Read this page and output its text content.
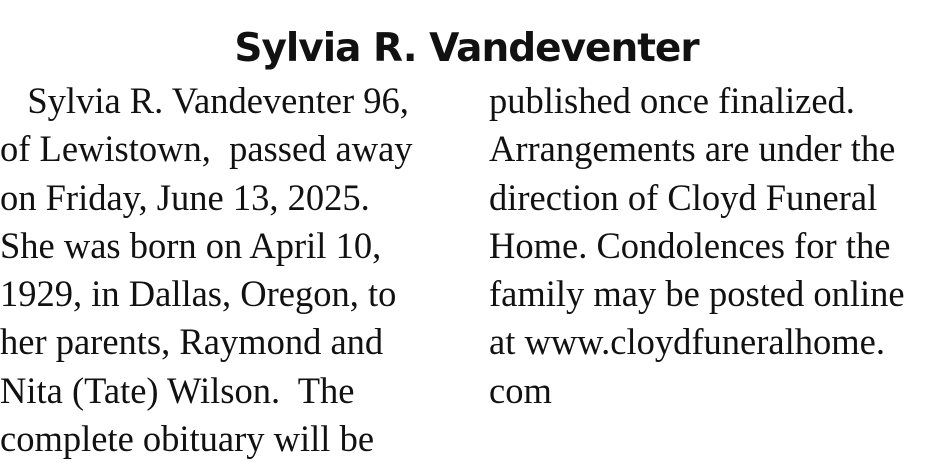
Sylvia R. Vandeventer
Sylvia R. Vandeventer 96,
of Lewistown,  passed away
on Friday, June 13, 2025.
She was born on April 10,
1929, in Dallas, Oregon, to
her parents, Raymond and
Nita (Tate) Wilson.  The
complete obituary will be
published once finalized.
Arrangements are under the
direction of Cloyd Funeral
Home. Condolences for the
family may be posted online
at www.cloydfuneralhome.
com
